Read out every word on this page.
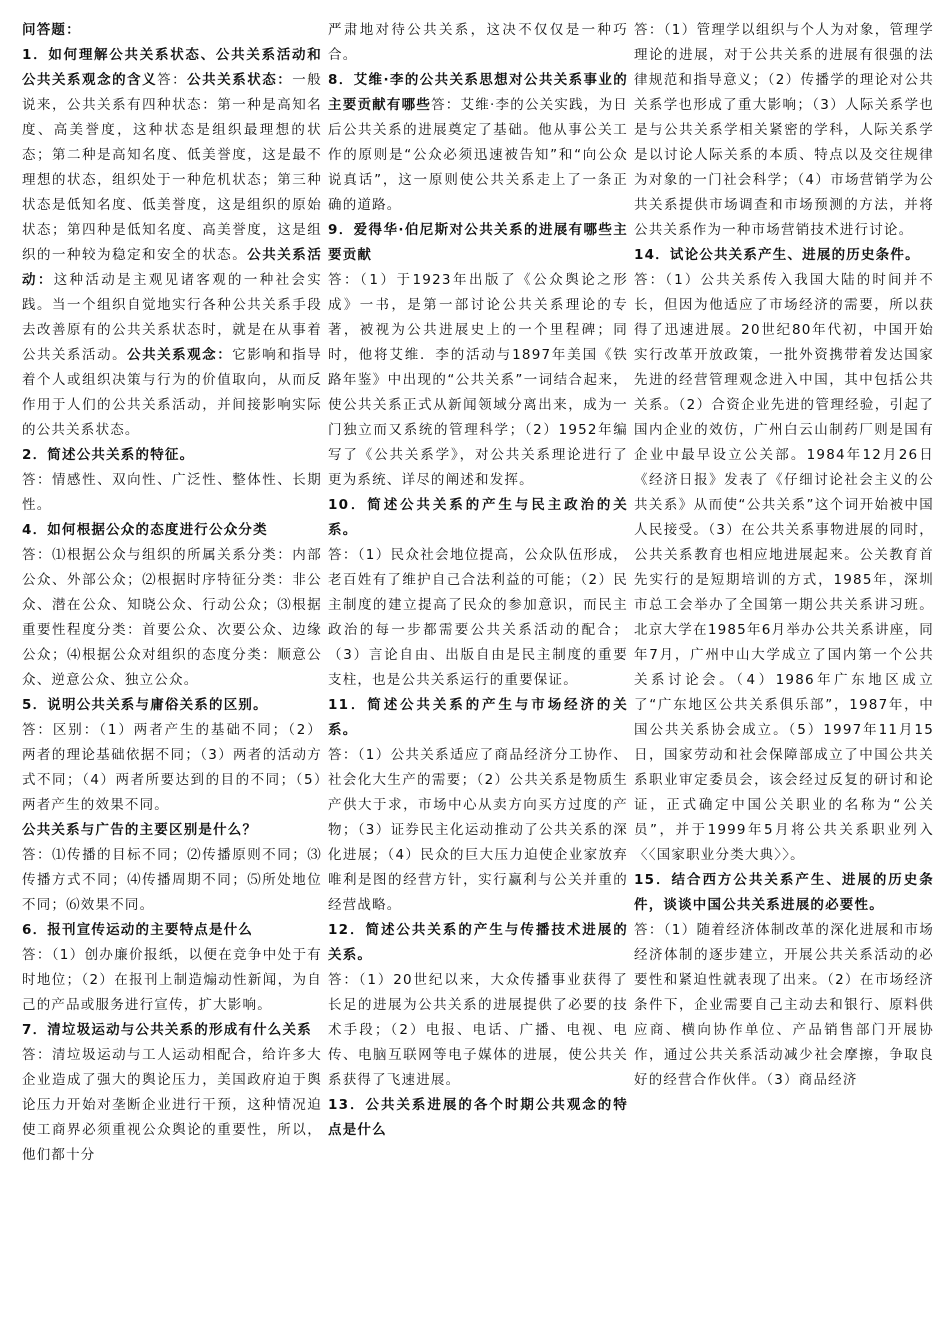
问答题：

1．如何理解公共关系状态、公共关系活动和公共关系观念的含义答：公共关系状态：一般说来，公共关系有四种状态：第一种是高知名度、高美誉度，这种状态是组织最理想的状态；第二种是高知名度、低美誉度，这是最不理想的状态，组织处于一种危机状态；第三种状态是低知名度、低美誉度，这是组织的原始状态；第四种是低知名度、高美誉度，这是组织的一种较为稳定和安全的状态。公共关系活动：这种活动是主观见诸客观的一种社会实践。当一个组织自觉地实行各种公共关系手段去改善原有的公共关系状态时，就是在从事着公共关系活动。公共关系观念：它影响和指导着个人或组织决策与行为的价值取向，从而反作用于人们的公共关系活动，并间接影响实际的公共关系状态。

2．简述公共关系的特征。

答：情感性、双向性、广泛性、整体性、长期性。

4．如何根据公众的态度进行公众分类

答：⑴根据公众与组织的所属关系分类：内部公众、外部公众；⑵根据时序特征分类：非公众、潜在公众、知晓公众、行动公众；⑶根据重要性程度分类：首要公众、次要公众、边缘公众；⑷根据公众对组织的态度分类：顺意公众、逆意公众、独立公众。

5．说明公共关系与庸俗关系的区别。

答：区别：（1）两者产生的基础不同；（2）两者的理论基础依据不同；（3）两者的活动方式不同；（4）两者所要达到的目的不同；（5）两者产生的效果不同。

公共关系与广告的主要区别是什么？

答：⑴传播的目标不同；⑵传播原则不同；⑶传播方式不同；⑷传播周期不同；⑸所处地位不同；⑹效果不同。

6．报刊宣传运动的主要特点是什么

答：（1）创办廉价报纸，以便在竞争中处于有时地位；（2）在报刊上制造煽动性新闻，为自己的产品或服务进行宣传，扩大影响。

7．清垃圾运动与公共关系的形成有什么关系

答：清垃圾运动与工人运动相配合，给许多大企业造成了强大的舆论压力，美国政府迫于舆论压力开始对垄断企业进行干预，这种情况迫使工商界必须重视公众舆论的重要性，所以，他们都十分

严肃地对待公共关系，这决不仅仅是一种巧合。

8．艾维·李的公共关系思想对公共关系事业的主要贡献有哪些答：艾维·李的公关实践，为日后公共关系的进展奠定了基础。他从事公关工作的原则是“公众必须迅速被告知”和“向公众说真话”，这一原则使公共关系走上了一条正确的道路。

9．爱得华·伯尼斯对公共关系的进展有哪些主要贡献

答：（1）于1923年出版了《公众舆论之形成》一书，是第一部讨论公共关系理论的专著，被视为公共进展史上的一个里程碑；同时，他将艾维．李的活动与1897年美国《铁路年鉴》中出现的“公共关系”一词结合起来，使公共关系正式从新闻领域分离出来，成为一门独立而又系统的管理科学；（2）1952年编写了《公共关系学》，对公共关系理论进行了更为系统、详尽的阐述和发挥。

10．简述公共关系的产生与民主政治的关系。

答：（1）民众社会地位提高，公众队伍形成，老百姓有了维护自己合法利益的可能；（2）民主制度的建立提高了民众的参加意识，而民主政治的每一步都需要公共关系活动的配合；（3）言论自由、出版自由是民主制度的重要支柱，也是公共关系运行的重要保证。

11．简述公共关系的产生与市场经济的关系。

答：（1）公共关系适应了商品经济分工协作、社会化大生产的需要；（2）公共关系是物质生产供大于求，市场中心从卖方向买方过度的产物；（3）证券民主化运动推动了公共关系的深化进展；（4）民众的巨大压力迫使企业家放弃唯利是图的经营方针，实行赢利与公关并重的经营战略。

12．简述公共关系的产生与传播技术进展的关系。

答：（1）20世纪以来，大众传播事业获得了长足的进展为公共关系的进展提供了必要的技术手段；（2）电报、电话、广播、电视、电传、电脑互联网等电子媒体的进展，使公共关系获得了飞速进展。

13．公共关系进展的各个时期公共观念的特点是什么

答：（1）管理学以组织与个人为对象，管理学理论的进展，对于公共关系的进展有很强的法律规范和指导意义；（2）传播学的理论对公共关系学也形成了重大影响；（3）人际关系学也是与公共关系学相关紧密的学科，人际关系学是以讨论人际关系的本质、特点以及交往规律为对象的一门社会科学；（4）市场营销学为公共关系提供市场调查和市场预测的方法，并将公共关系作为一种市场营销技术进行讨论。

14．试论公共关系产生、进展的历史条件。

答：（1）公共关系传入我国大陆的时间并不长，但因为他适应了市场经济的需要，所以获得了迅速进展。20世纪80年代初，中国开始实行改革开放政策，一批外资携带着发达国家先进的经营管理观念进入中国，其中包括公共关系。（2）合资企业先进的管理经验，引起了国内企业的效仿，广州白云山制药厂则是国有企业中最早设立公关部。1984年12月26日《经济日报》发表了《仔细讨论社会主义的公共关系》从而使“公共关系”这个词开始被中国人民接受。（3）在公共关系事物进展的同时，公共关系教育也相应地进展起来。公关教育首先实行的是短期培训的方式，1985年，深圳市总工会举办了全国第一期公共关系讲习班。北京大学在1985年6月举办公共关系讲座，同年7月，广州中山大学成立了国内第一个公共关系讨论会。（4）1986年广东地区成立了“广东地区公共关系俱乐部”，1987年，中国公共关系协会成立。（5）1997年11月15日，国家劳动和社会保障部成立了中国公共关系职业审定委员会，该会经过反复的研讨和论证，正式确定中国公关职业的名称为“公关员”，并于1999年5月将公共关系职业列入〈〈国家职业分类大典〉〉。

15．结合西方公共关系产生、进展的历史条件，谈谈中国公共关系进展的必要性。

答：（1）随着经济体制改革的深化进展和市场经济体制的逐步建立，开展公共关系活动的必要性和紧迫性就表现了出来。（2）在市场经济条件下，企业需要自己主动去和银行、原料供应商、横向协作单位、产品销售部门开展协作，通过公共关系活动减少社会摩擦，争取良好的经营合作伙伴。（3）商品经济
